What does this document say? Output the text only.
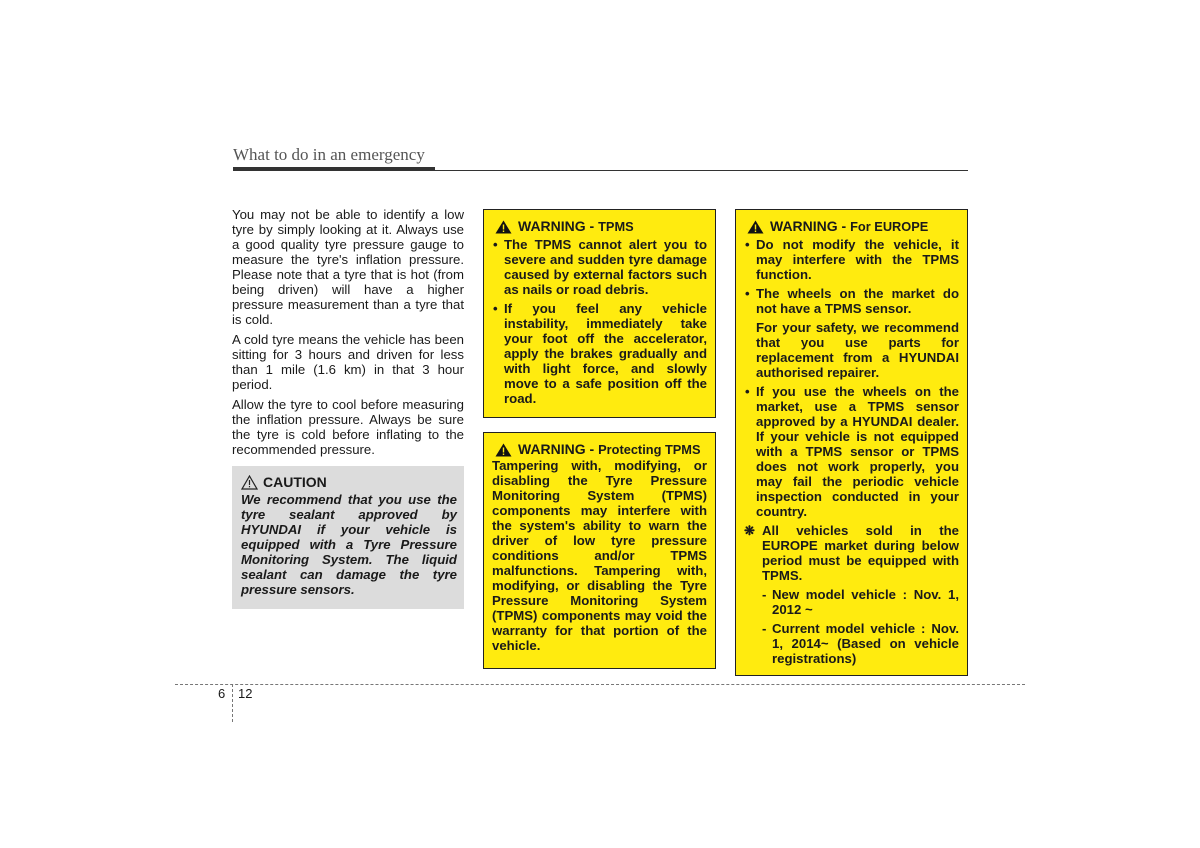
What to do in an emergency

You may not be able to identify a low tyre by simply looking at it. Always use a good quality tyre pressure gauge to measure the tyre's inflation pressure. Please note that a tyre that is hot (from being driven) will have a higher pressure measurement than a tyre that is cold.

A cold tyre means the vehicle has been sitting for 3 hours and driven for less than 1 mile (1.6 km) in that 3 hour period.

Allow the tyre to cool before measuring the inflation pressure. Always be sure the tyre is cold before inflating to the recommended pressure.

CAUTION
We recommend that you use the tyre sealant approved by HYUNDAI if your vehicle is equipped with a Tyre Pressure Monitoring System. The liquid sealant can damage the tyre pressure sensors.
WARNING - TPMS
• The TPMS cannot alert you to severe and sudden tyre damage caused by external factors such as nails or road debris.
• If you feel any vehicle instability, immediately take your foot off the accelerator, apply the brakes gradually and with light force, and slowly move to a safe position off the road.
WARNING - Protecting TPMS
Tampering with, modifying, or disabling the Tyre Pressure Monitoring System (TPMS) components may interfere with the system's ability to warn the driver of low tyre pressure conditions and/or TPMS malfunctions. Tampering with, modifying, or disabling the Tyre Pressure Monitoring System (TPMS) components may void the warranty for that portion of the vehicle.
WARNING - For EUROPE
• Do not modify the vehicle, it may interfere with the TPMS function.
• The wheels on the market do not have a TPMS sensor.
For your safety, we recommend that you use parts for replacement from a HYUNDAI authorised repairer.
• If you use the wheels on the market, use a TPMS sensor approved by a HYUNDAI dealer. If your vehicle is not equipped with a TPMS sensor or TPMS does not work properly, you may fail the periodic vehicle inspection conducted in your country.
❋ All vehicles sold in the EUROPE market during below period must be equipped with TPMS.
- New model vehicle : Nov. 1, 2012 ~
- Current model vehicle : Nov. 1, 2014~ (Based on vehicle registrations)
6 12
